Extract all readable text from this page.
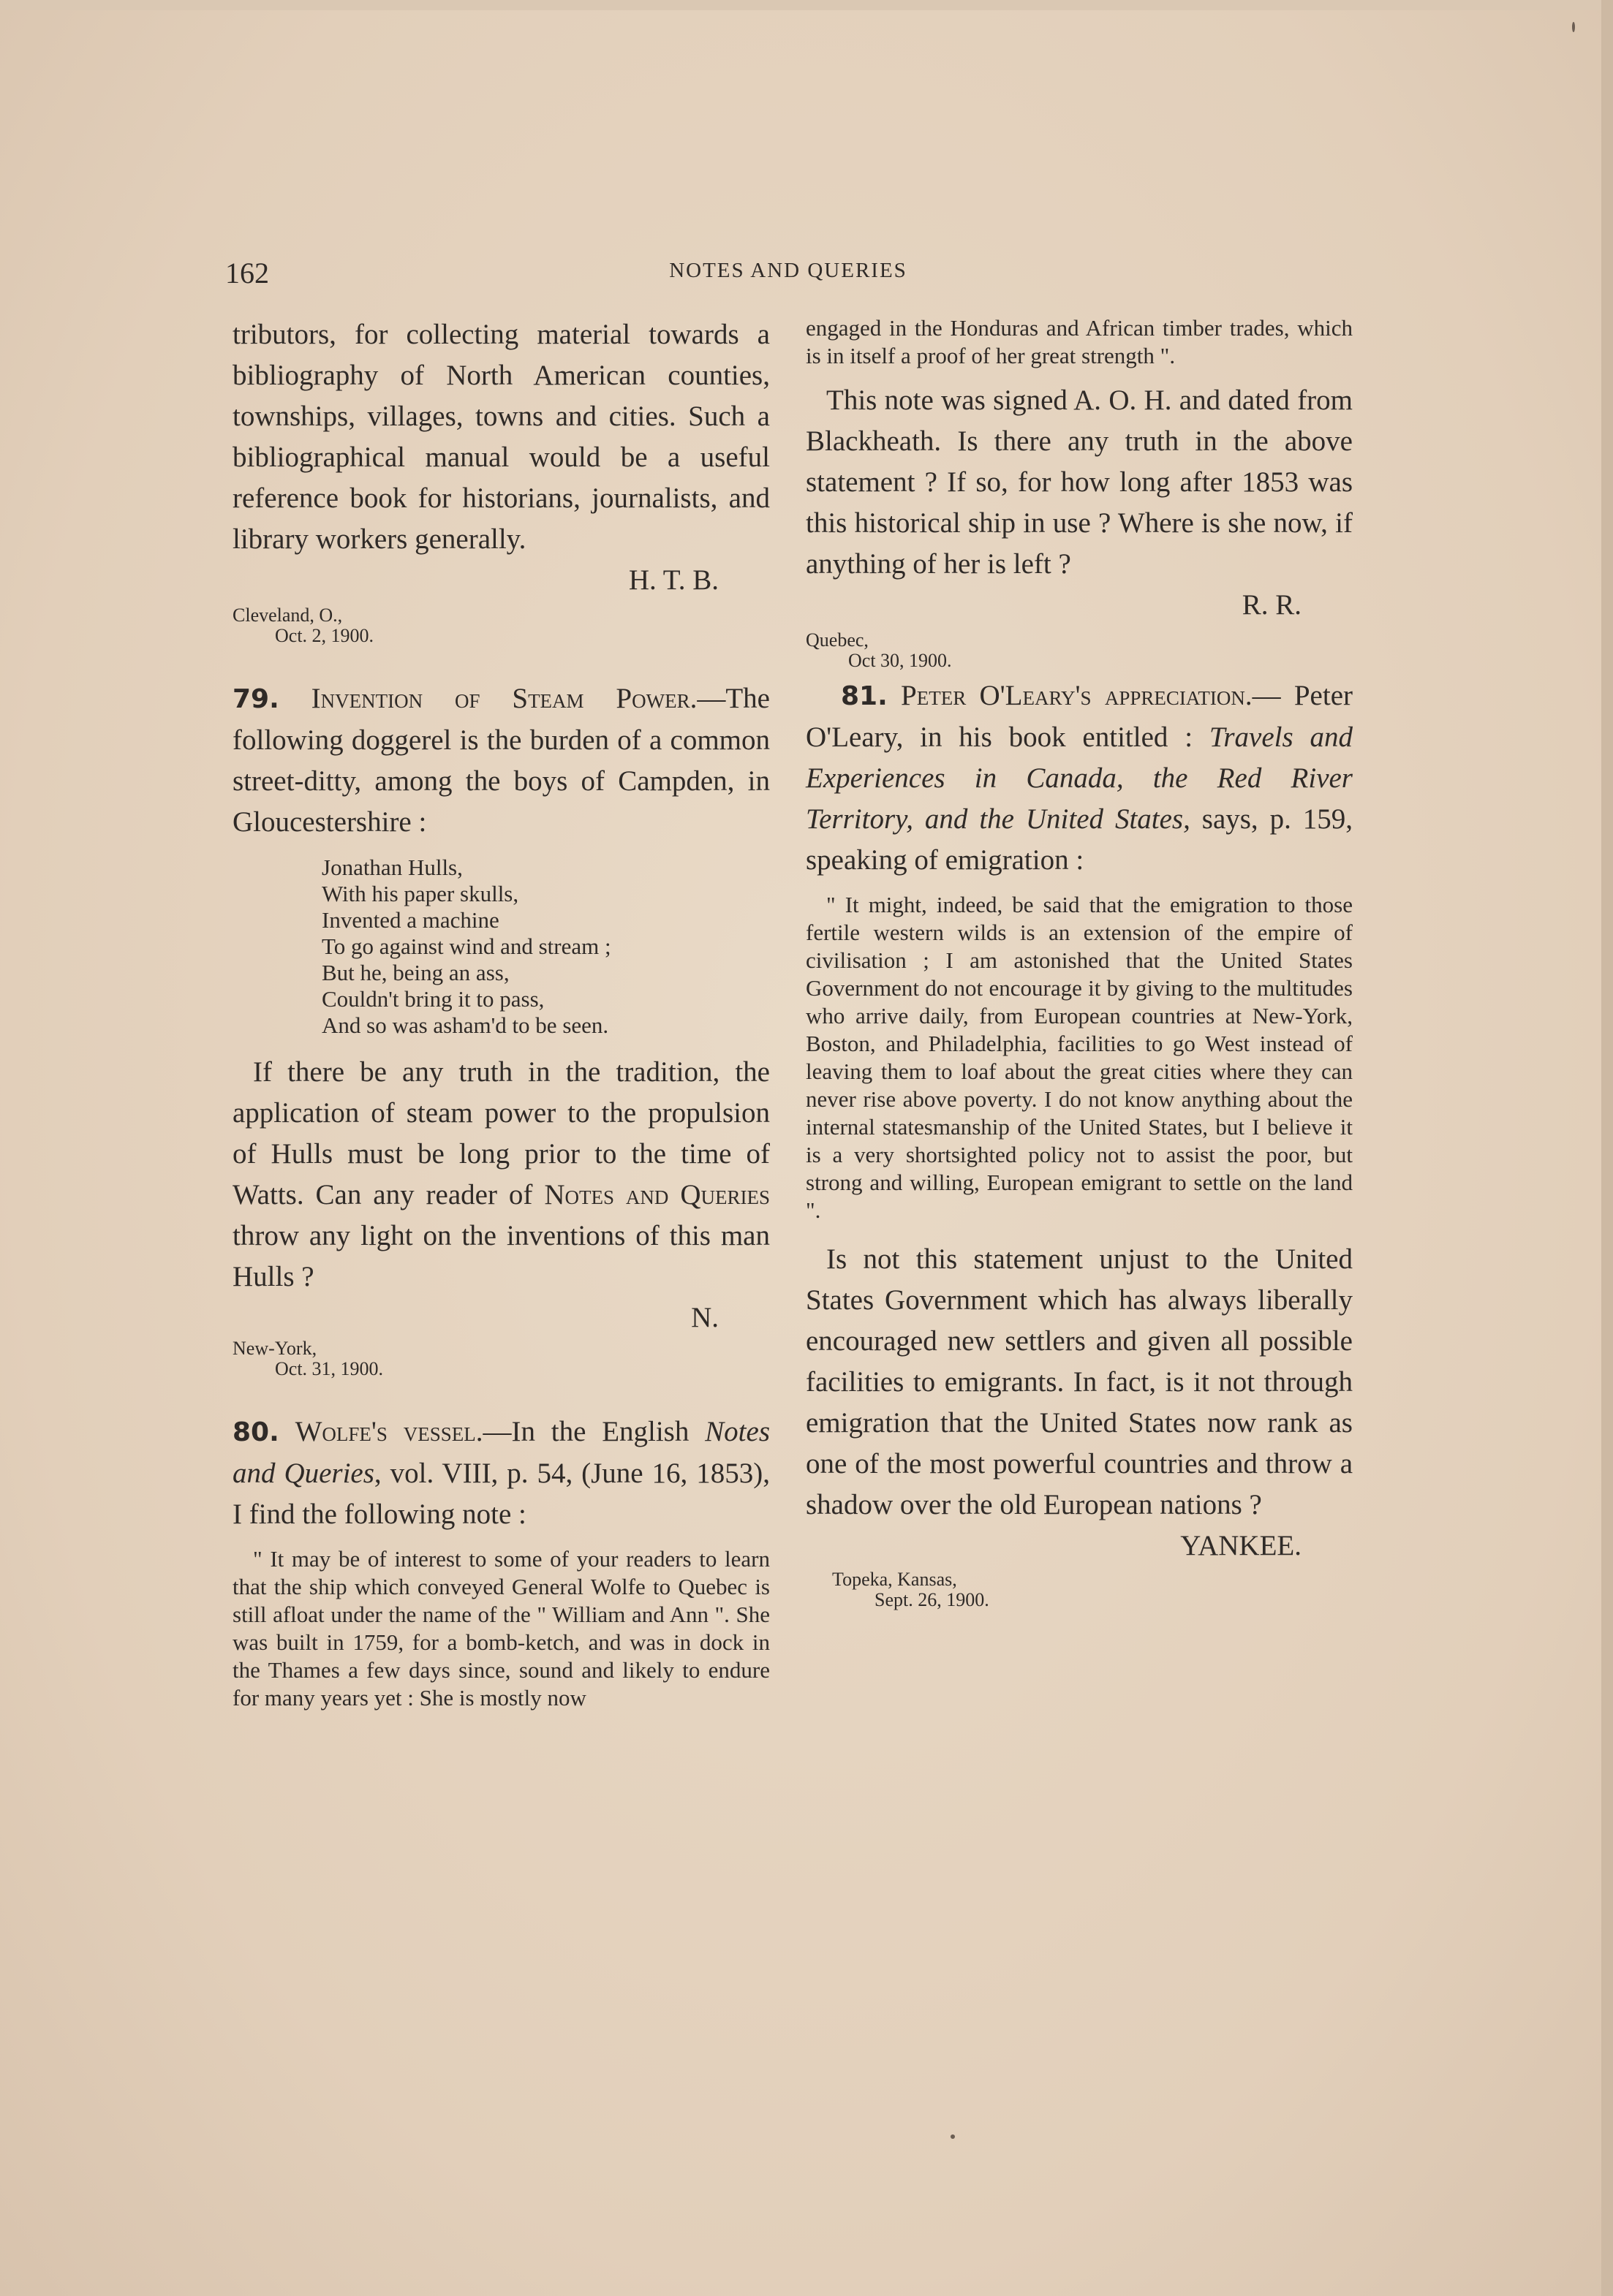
162	NOTES AND QUERIES

tributors, for collecting material towards a bibliography of North American counties, townships, villages, towns and cities. Such a bibliographical manual would be a useful reference book for historians, journalists, and library workers generally.

H. T. B.

Cleveland, O.,
Oct. 2, 1900.

79. Invention of Steam Power.—The following doggerel is the burden of a common street-ditty, among the boys of Campden, in Gloucestershire :

Jonathan Hulls,
With his paper skulls,
Invented a machine
To go against wind and stream ;
But he, being an ass,
Couldn't bring it to pass,
And so was asham'd to be seen.

If there be any truth in the tradition, the application of steam power to the propulsion of Hulls must be long prior to the time of Watts. Can any reader of Notes and Queries throw any light on the inventions of this man Hulls ?

N.

New-York,
Oct. 31, 1900.

80. Wolfe's vessel.—In the English Notes and Queries, vol. VIII, p. 54, (June 16, 1853), I find the following note :

" It may be of interest to some of your readers to learn that the ship which conveyed General Wolfe to Quebec is still afloat under the name of the " William and Ann ". She was built in 1759, for a bomb-ketch, and was in dock in the Thames a few days since, sound and likely to endure for many years yet : She is mostly now

engaged in the Honduras and African timber trades, which is in itself a proof of her great strength ".

This note was signed A. O. H. and dated from Blackheath. Is there any truth in the above statement ? If so, for how long after 1853 was this historical ship in use ? Where is she now, if anything of her is left ?

R. R.

Quebec,
Oct 30, 1900.

81. Peter O'Leary's appreciation.— Peter O'Leary, in his book entitled : Travels and Experiences in Canada, the Red River Territory, and the United States, says, p. 159, speaking of emigration :

" It might, indeed, be said that the emigration to those fertile western wilds is an extension of the empire of civilisation ; I am astonished that the United States Government do not encourage it by giving to the multitudes who arrive daily, from European countries at New-York, Boston, and Philadelphia, facilities to go West instead of leaving them to loaf about the great cities where they can never rise above poverty. I do not know anything about the internal statesmanship of the United States, but I believe it is a very shortsighted policy not to assist the poor, but strong and willing, European emigrant to settle on the land ".

Is not this statement unjust to the United States Government which has always liberally encouraged new settlers and given all possible facilities to emigrants. In fact, is it not through emigration that the United States now rank as one of the most powerful countries and throw a shadow over the old European nations ?

YANKEE.

Topeka, Kansas,
Sept. 26, 1900.
